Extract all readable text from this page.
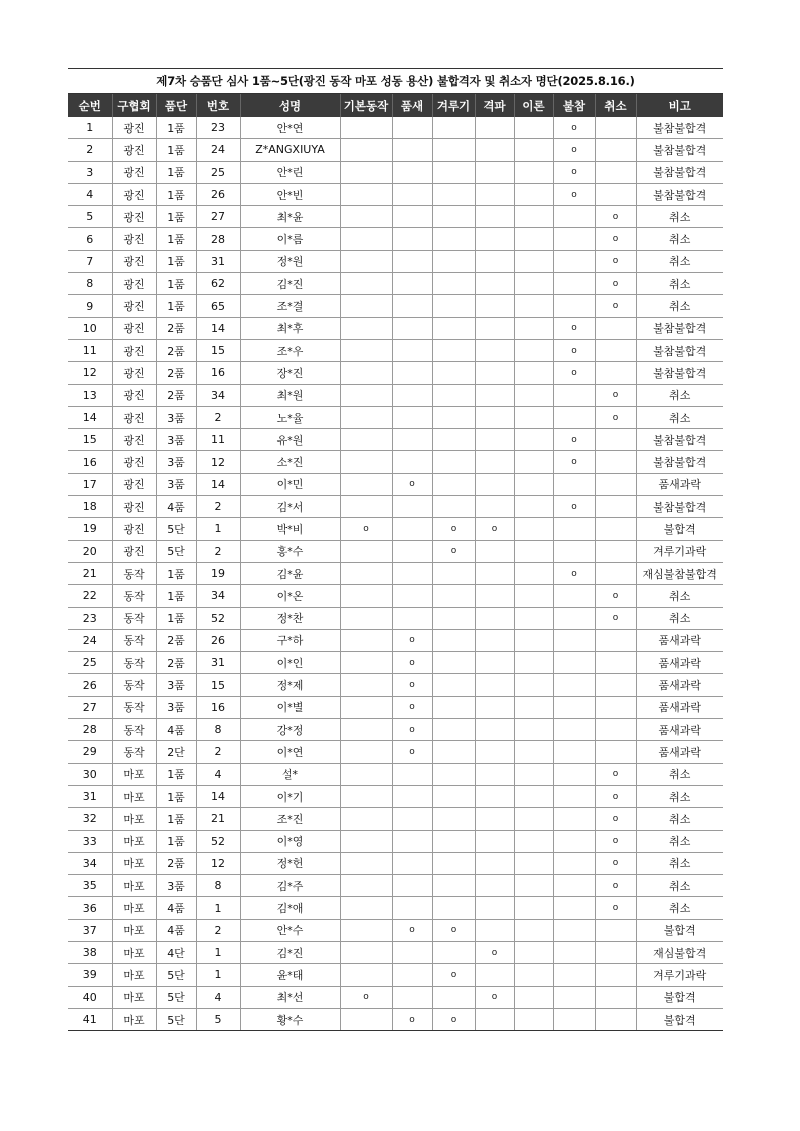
제7차 승품단 심사 1품~5단(광진 동작 마포 성동 용산) 불합격자 및 취소자 명단(2025.8.16.)
순번	구협회	품단	번호	성명	기본동작	품새	겨루기	격파	이론	불참	취소	비고
1	광진	1품	23	안*연						o		불참불합격
2	광진	1품	24	Z*ANGXIUYA						o		불참불합격
3	광진	1품	25	안*린						o		불참불합격
4	광진	1품	26	안*빈						o		불참불합격
5	광진	1품	27	최*윤							o	취소
6	광진	1품	28	이*름							o	취소
7	광진	1품	31	정*원							o	취소
8	광진	1품	62	김*진							o	취소
9	광진	1품	65	조*결							o	취소
10	광진	2품	14	최*후						o		불참불합격
11	광진	2품	15	조*우						o		불참불합격
12	광진	2품	16	장*진						o		불참불합격
13	광진	2품	34	최*원							o	취소
14	광진	3품	2	노*율							o	취소
15	광진	3품	11	유*원						o		불참불합격
16	광진	3품	12	소*진						o		불참불합격
17	광진	3품	14	이*민		o						품새과락
18	광진	4품	2	김*서						o		불참불합격
19	광진	5단	1	박*비	o		o	o				불합격
20	광진	5단	2	홍*수			o					겨루기과락
21	동작	1품	19	김*윤						o		재심불참불합격
22	동작	1품	34	이*온							o	취소
23	동작	1품	52	정*찬							o	취소
24	동작	2품	26	구*하		o						품새과락
25	동작	2품	31	이*인		o						품새과락
26	동작	3품	15	정*제		o						품새과락
27	동작	3품	16	이*별		o						품새과락
28	동작	4품	8	강*정		o						품새과락
29	동작	2단	2	이*연		o						품새과락
30	마포	1품	4	설*							o	취소
31	마포	1품	14	이*기							o	취소
32	마포	1품	21	조*진							o	취소
33	마포	1품	52	이*영							o	취소
34	마포	2품	12	정*헌							o	취소
35	마포	3품	8	김*주							o	취소
36	마포	4품	1	김*애							o	취소
37	마포	4품	2	안*수		o	o					불합격
38	마포	4단	1	김*진				o				재심불합격
39	마포	5단	1	윤*태			o					겨루기과락
40	마포	5단	4	최*선	o			o				불합격
41	마포	5단	5	황*수		o	o					불합격
